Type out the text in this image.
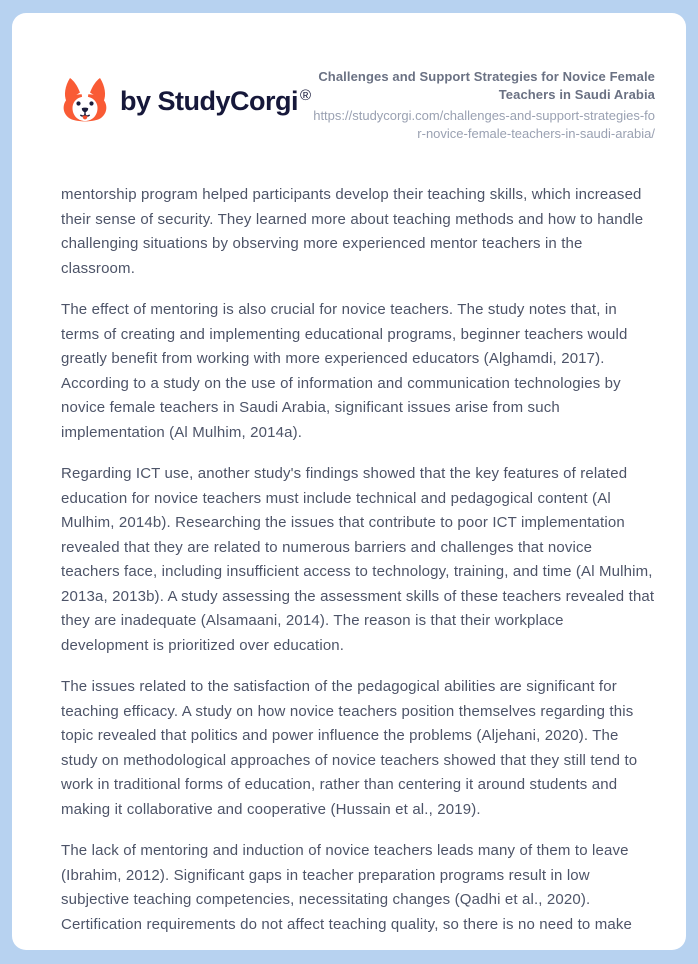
by StudyCorgi ®
Challenges and Support Strategies for Novice Female Teachers in Saudi Arabia
https://studycorgi.com/challenges-and-support-strategies-for-novice-female-teachers-in-saudi-arabia/

mentorship program helped participants develop their teaching skills, which increased their sense of security. They learned more about teaching methods and how to handle challenging situations by observing more experienced mentor teachers in the classroom.

The effect of mentoring is also crucial for novice teachers. The study notes that, in terms of creating and implementing educational programs, beginner teachers would greatly benefit from working with more experienced educators (Alghamdi, 2017). According to a study on the use of information and communication technologies by novice female teachers in Saudi Arabia, significant issues arise from such implementation (Al Mulhim, 2014a).

Regarding ICT use, another study's findings showed that the key features of related education for novice teachers must include technical and pedagogical content (Al Mulhim, 2014b). Researching the issues that contribute to poor ICT implementation revealed that they are related to numerous barriers and challenges that novice teachers face, including insufficient access to technology, training, and time (Al Mulhim, 2013a, 2013b). A study assessing the assessment skills of these teachers revealed that they are inadequate (Alsamaani, 2014). The reason is that their workplace development is prioritized over education.

The issues related to the satisfaction of the pedagogical abilities are significant for teaching efficacy. A study on how novice teachers position themselves regarding this topic revealed that politics and power influence the problems (Aljehani, 2020). The study on methodological approaches of novice teachers showed that they still tend to work in traditional forms of education, rather than centering it around students and making it collaborative and cooperative (Hussain et al., 2019).

The lack of mentoring and induction of novice teachers leads many of them to leave (Ibrahim, 2012). Significant gaps in teacher preparation programs result in low subjective teaching competencies, necessitating changes (Qadhi et al., 2020). Certification requirements do not affect teaching quality, so there is no need to make
